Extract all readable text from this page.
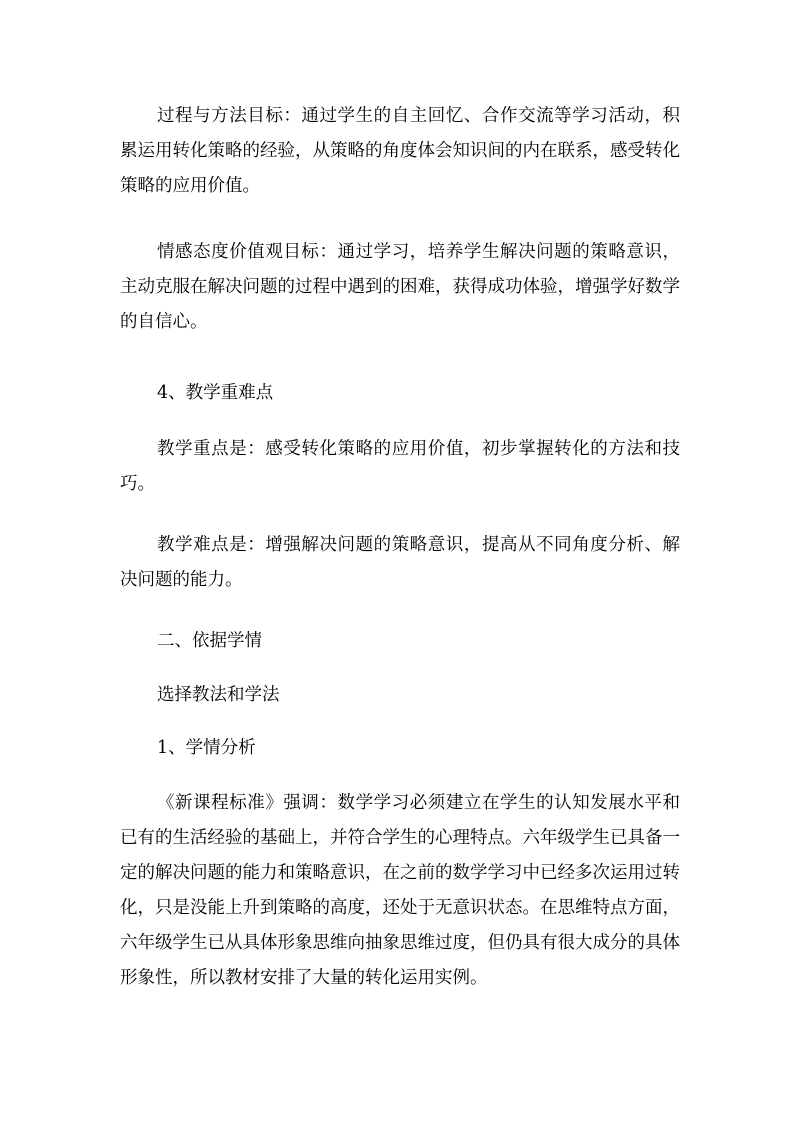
过程与方法目标：通过学生的自主回忆、合作交流等学习活动，积累运用转化策略的经验，从策略的角度体会知识间的内在联系，感受转化策略的应用价值。

情感态度价值观目标：通过学习，培养学生解决问题的策略意识，主动克服在解决问题的过程中遇到的困难，获得成功体验，增强学好数学的自信心。

4、教学重难点

教学重点是：感受转化策略的应用价值，初步掌握转化的方法和技巧。

教学难点是：增强解决问题的策略意识，提高从不同角度分析、解决问题的能力。

二、依据学情

选择教法和学法

1、学情分析

《新课程标准》强调：数学学习必须建立在学生的认知发展水平和已有的生活经验的基础上，并符合学生的心理特点。六年级学生已具备一定的解决问题的能力和策略意识，在之前的数学学习中已经多次运用过转化，只是没能上升到策略的高度，还处于无意识状态。在思维特点方面，六年级学生已从具体形象思维向抽象思维过度，但仍具有很大成分的具体形象性，所以教材安排了大量的转化运用实例。
